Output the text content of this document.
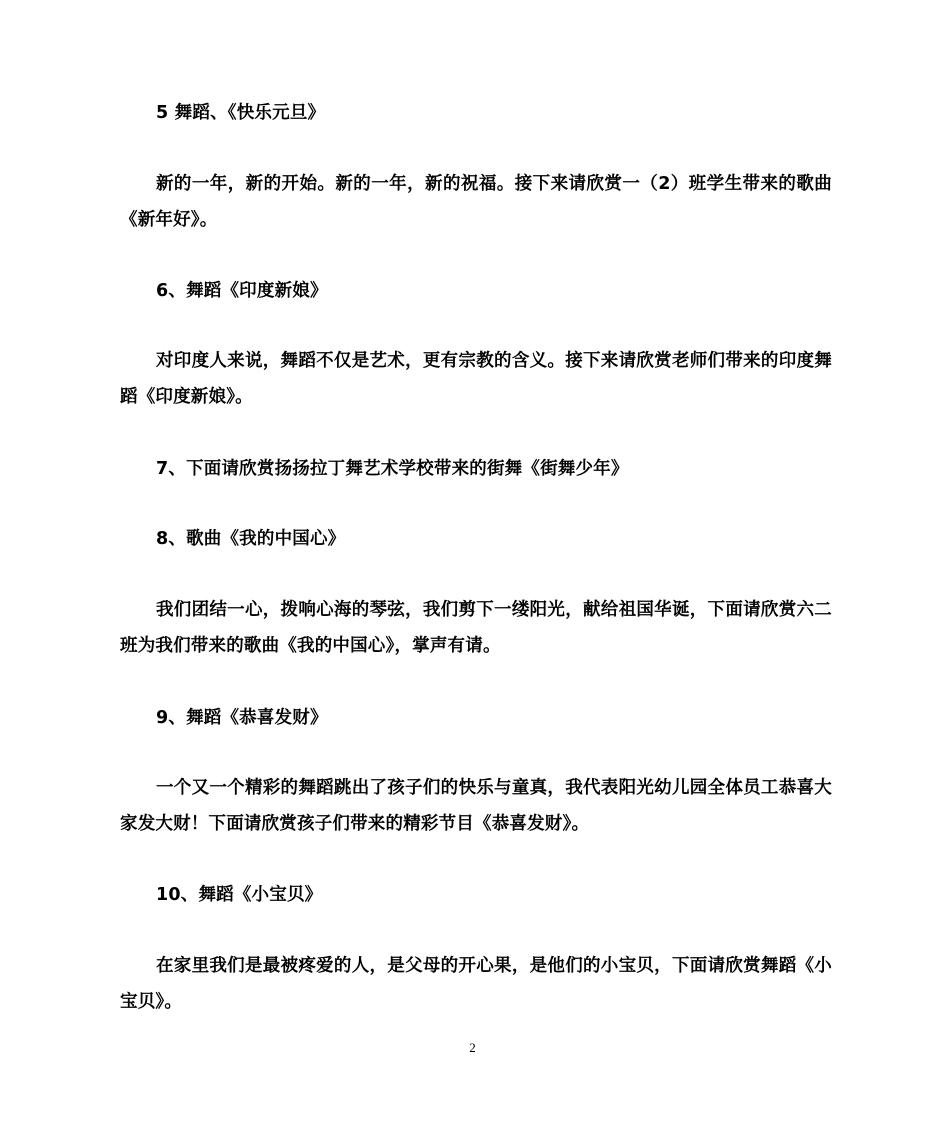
5 舞蹈、《快乐元旦》

新的一年，新的开始。新的一年，新的祝福。接下来请欣赏一（2）班学生带来的歌曲《新年好》。

6、舞蹈《印度新娘》

对印度人来说，舞蹈不仅是艺术，更有宗教的含义。接下来请欣赏老师们带来的印度舞蹈《印度新娘》。

7、下面请欣赏扬扬拉丁舞艺术学校带来的街舞《街舞少年》

8、歌曲《我的中国心》

我们团结一心，拨响心海的琴弦，我们剪下一缕阳光，献给祖国华诞，下面请欣赏六二班为我们带来的歌曲《我的中国心》，掌声有请。

9、舞蹈《恭喜发财》

一个又一个精彩的舞蹈跳出了孩子们的快乐与童真，我代表阳光幼儿园全体员工恭喜大家发大财！下面请欣赏孩子们带来的精彩节目《恭喜发财》。

10、舞蹈《小宝贝》

在家里我们是最被疼爱的人，是父母的开心果，是他们的小宝贝，下面请欣赏舞蹈《小宝贝》。

2
